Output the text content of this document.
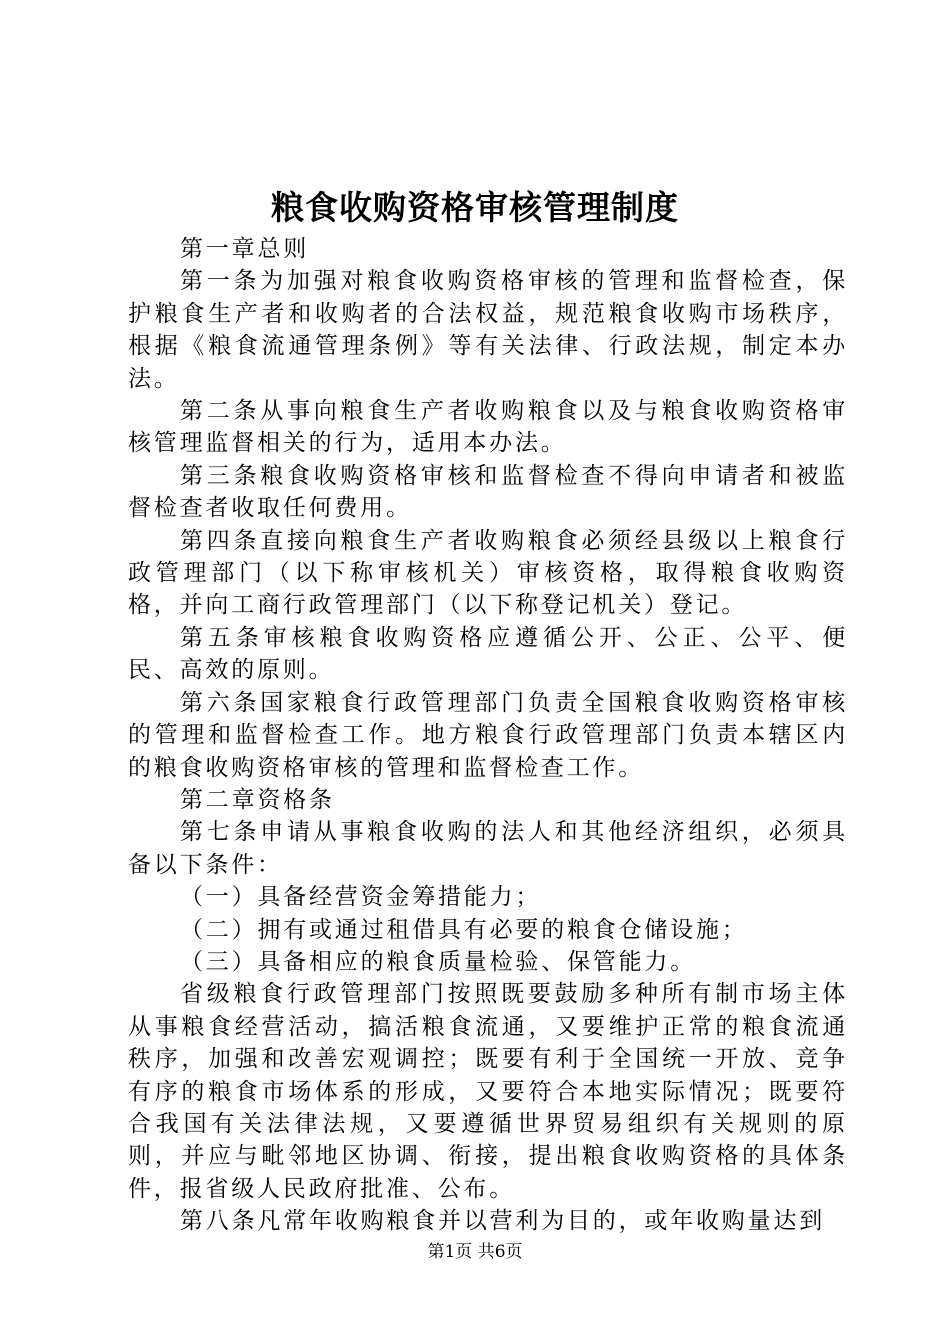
粮食收购资格审核管理制度

第一章总则

第一条为加强对粮食收购资格审核的管理和监督检查，保护粮食生产者和收购者的合法权益，规范粮食收购市场秩序，根据《粮食流通管理条例》等有关法律、行政法规，制定本办法。

第二条从事向粮食生产者收购粮食以及与粮食收购资格审核管理监督相关的行为，适用本办法。

第三条粮食收购资格审核和监督检查不得向申请者和被监督检查者收取任何费用。

第四条直接向粮食生产者收购粮食必须经县级以上粮食行政管理部门（以下称审核机关）审核资格，取得粮食收购资格，并向工商行政管理部门（以下称登记机关）登记。

第五条审核粮食收购资格应遵循公开、公正、公平、便民、高效的原则。

第六条国家粮食行政管理部门负责全国粮食收购资格审核的管理和监督检查工作。地方粮食行政管理部门负责本辖区内的粮食收购资格审核的管理和监督检查工作。

第二章资格条

第七条申请从事粮食收购的法人和其他经济组织，必须具备以下条件：

（一）具备经营资金筹措能力；

（二）拥有或通过租借具有必要的粮食仓储设施；

（三）具备相应的粮食质量检验、保管能力。

省级粮食行政管理部门按照既要鼓励多种所有制市场主体从事粮食经营活动，搞活粮食流通，又要维护正常的粮食流通秩序，加强和改善宏观调控；既要有利于全国统一开放、竞争有序的粮食市场体系的形成，又要符合本地实际情况；既要符合我国有关法律法规，又要遵循世界贸易组织有关规则的原则，并应与毗邻地区协调、衔接，提出粮食收购资格的具体条件，报省级人民政府批准、公布。

第八条凡常年收购粮食并以营利为目的，或年收购量达到

第1页 共6页
